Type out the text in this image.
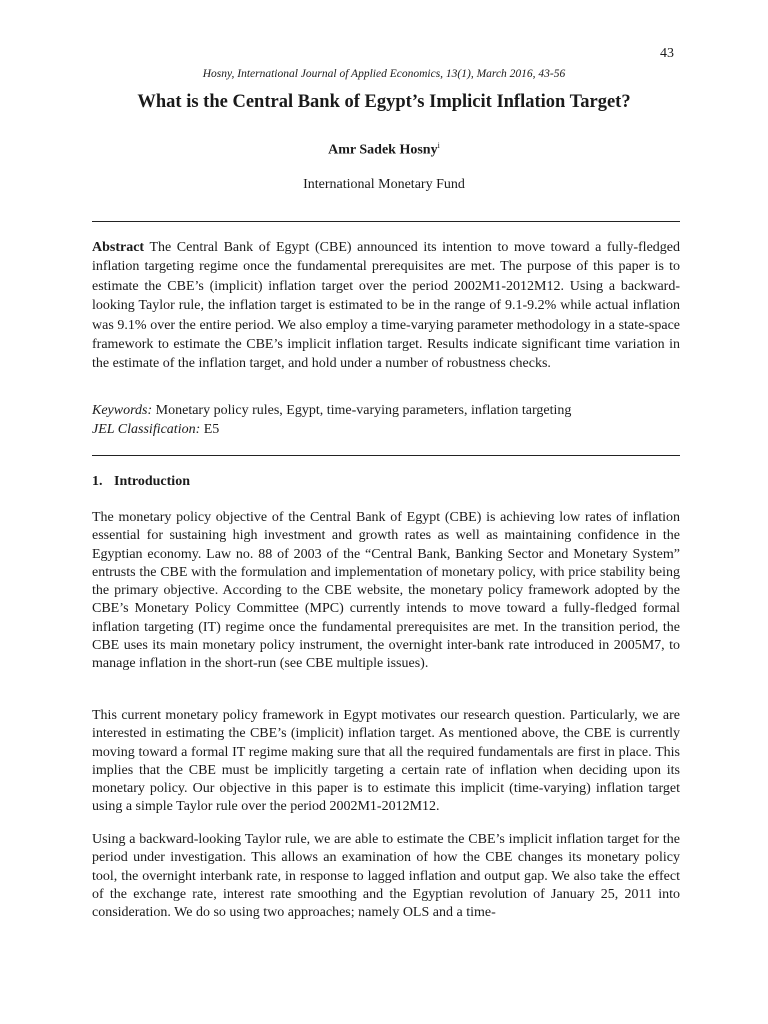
43
Hosny, International Journal of Applied Economics, 13(1), March 2016, 43-56
What is the Central Bank of Egypt’s Implicit Inflation Target?
Amr Sadek Hosny$^i$
International Monetary Fund

Abstract The Central Bank of Egypt (CBE) announced its intention to move toward a fully-fledged inflation targeting regime once the fundamental prerequisites are met. The purpose of this paper is to estimate the CBE’s (implicit) inflation target over the period 2002M1-2012M12. Using a backward-looking Taylor rule, the inflation target is estimated to be in the range of 9.1-9.2% while actual inflation was 9.1% over the entire period. We also employ a time-varying parameter methodology in a state-space framework to estimate the CBE’s implicit inflation target. Results indicate significant time variation in the estimate of the inflation target, and hold under a number of robustness checks.

Keywords: Monetary policy rules, Egypt, time-varying parameters, inflation targeting
JEL Classification: E5
1. Introduction

The monetary policy objective of the Central Bank of Egypt (CBE) is achieving low rates of inflation essential for sustaining high investment and growth rates as well as maintaining confidence in the Egyptian economy. Law no. 88 of 2003 of the “Central Bank, Banking Sector and Monetary System” entrusts the CBE with the formulation and implementation of monetary policy, with price stability being the primary objective. According to the CBE website, the monetary policy framework adopted by the CBE’s Monetary Policy Committee (MPC) currently intends to move toward a fully-fledged formal inflation targeting (IT) regime once the fundamental prerequisites are met. In the transition period, the CBE uses its main monetary policy instrument, the overnight inter-bank rate introduced in 2005M7, to manage inflation in the short-run (see CBE multiple issues).

This current monetary policy framework in Egypt motivates our research question. Particularly, we are interested in estimating the CBE’s (implicit) inflation target. As mentioned above, the CBE is currently moving toward a formal IT regime making sure that all the required fundamentals are first in place. This implies that the CBE must be implicitly targeting a certain rate of inflation when deciding upon its monetary policy. Our objective in this paper is to estimate this implicit (time-varying) inflation target using a simple Taylor rule over the period 2002M1-2012M12.

Using a backward-looking Taylor rule, we are able to estimate the CBE’s implicit inflation target for the period under investigation. This allows an examination of how the CBE changes its monetary policy tool, the overnight interbank rate, in response to lagged inflation and output gap. We also take the effect of the exchange rate, interest rate smoothing and the Egyptian revolution of January 25, 2011 into consideration. We do so using two approaches; namely OLS and a time-
